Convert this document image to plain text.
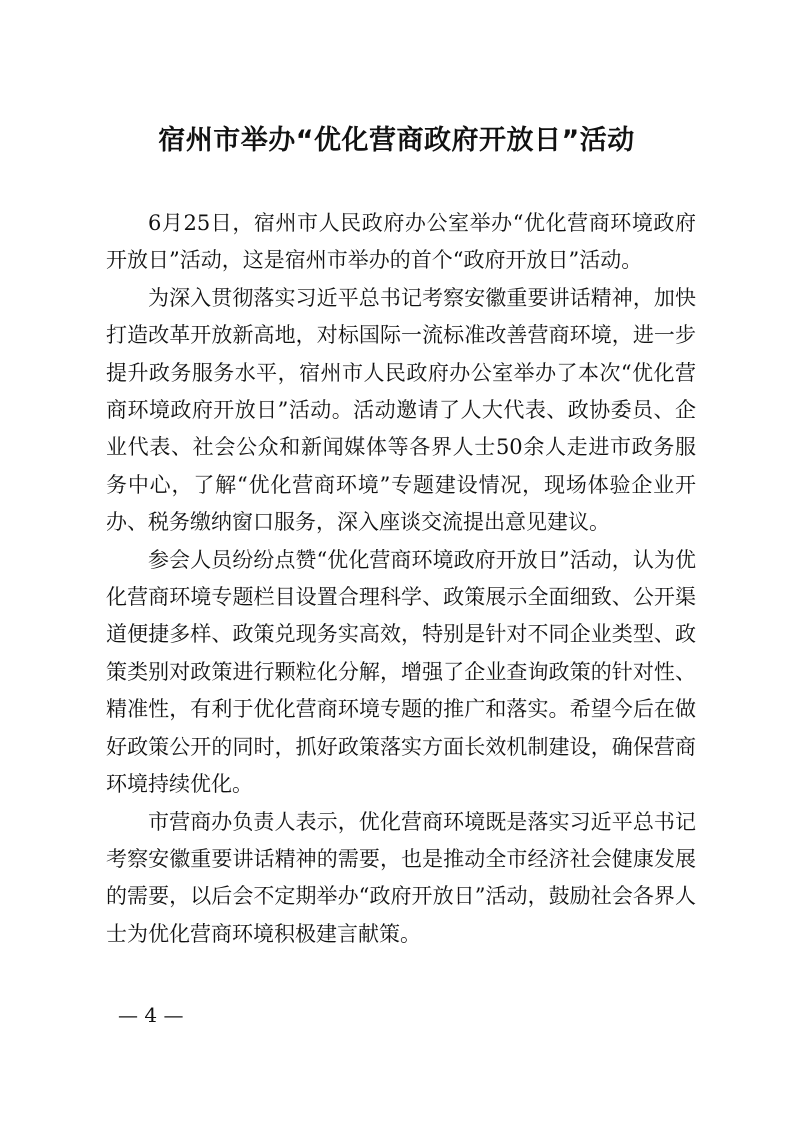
宿州市举办“优化营商政府开放日”活动

6月25日，宿州市人民政府办公室举办“优化营商环境政府开放日”活动，这是宿州市举办的首个“政府开放日”活动。

为深入贯彻落实习近平总书记考察安徽重要讲话精神，加快打造改革开放新高地，对标国际一流标准改善营商环境，进一步提升政务服务水平，宿州市人民政府办公室举办了本次“优化营商环境政府开放日”活动。活动邀请了人大代表、政协委员、企业代表、社会公众和新闻媒体等各界人士50余人走进市政务服务中心，了解“优化营商环境”专题建设情况，现场体验企业开办、税务缴纳窗口服务，深入座谈交流提出意见建议。

参会人员纷纷点赞“优化营商环境政府开放日”活动，认为优化营商环境专题栏目设置合理科学、政策展示全面细致、公开渠道便捷多样、政策兑现务实高效，特别是针对不同企业类型、政策类别对政策进行颗粒化分解，增强了企业查询政策的针对性、精准性，有利于优化营商环境专题的推广和落实。希望今后在做好政策公开的同时，抓好政策落实方面长效机制建设，确保营商环境持续优化。

市营商办负责人表示，优化营商环境既是落实习近平总书记考察安徽重要讲话精神的需要，也是推动全市经济社会健康发展的需要，以后会不定期举办“政府开放日”活动，鼓励社会各界人士为优化营商环境积极建言献策。

— 4 —
